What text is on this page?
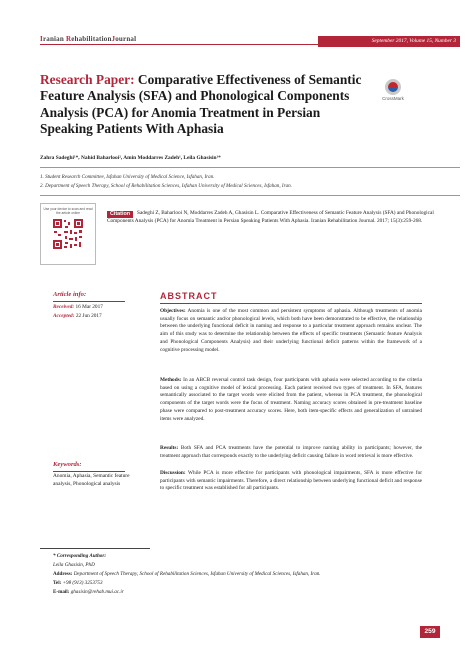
Iranian RehabilitationJournal	September 2017, Volume 15, Number 3
Research Paper: Comparative Effectiveness of Semantic Feature Analysis (SFA) and Phonological Components Analysis (PCA) for Anomia Treatment in Persian Speaking Patients With Aphasia
CrossMark
Zahra Sadeghi¹*, Nahid Baharlooi², Amin Moddarres Zadeh¹, Leila Ghasisin¹*
1. Student Research Committee, Isfahan University of Medical Science, Isfahan, Iran.
2. Department of Speech Therapy, School of Rehabilitation Sciences, Isfahan University of Medical Sciences, Isfahan, Iran.
Use your device to scan and read the article online	Sadeghi Z, Baharlooi N, Moddarres Zadeh A, Ghasisin L. Comparative Effectiveness of Semantic Feature Analysis (SFA) and Phonological Components Analysis (PCA) for Anomia Treatment in Persian Speaking Patients With Aphasia. Iranian Rehabilitation Journal. 2017; 15(3):259-268.
Citation
Article info:
Received: 16 Mar 2017
Accepted: 22 Jun 2017
Keywords:
Anomia, Aphasia, Semantic feature analysis, Phonological analysis
ABSTRACT

Objectives: Anomia is one of the most common and persistent symptoms of aphasia. Although treatments of anomia usually focus on semantic and/or phonological levels, which both have been demonstrated to be effective, the relationship between the underlying functional deficit in naming and response to a particular treatment approach remains unclear. The aim of this study was to determine the relationship between the effects of specific treatments (Semantic feature Analysis and Phonological Components Analysis) and their underlying functional deficit patterns within the framework of a cognitive processing model.

Methods: In an ABCB reversal control task design, four participants with aphasia were selected according to the criteria based on using a cognitive model of lexical processing. Each patient received two types of treatment. In SFA, features semantically associated to the target words were elicited from the patient, whereas in PCA treatment, the phonological components of the target words were the focus of treatment. Naming accuracy scores obtained in pre-treatment baseline phase were compared to post-treatment accuracy scores. Here, both item-specific effects and generalization of untrained items were analyzed.

Results: Both SFA and PCA treatments have the potential to improve naming ability in participants; however, the treatment approach that corresponds exactly to the underlying deficit causing failure in word retrieval is more effective.

Discussion: While PCA is more effective for participants with phonological impairments, SFA is more effective for participants with semantic impairments. Therefore, a direct relationship between underlying functional deficit and response to specific treatment was established for all participants.

* Corresponding Author:
Leila Ghasisin, PhD
Address: Department of Speech Therapy, School of Rehabilitation Sciences, Isfahan University of Medical Sciences, Isfahan, Iran.
Tel: +98 (913) 3253753
E-mail: ghasisin@rehab.mui.ac.ir
259
